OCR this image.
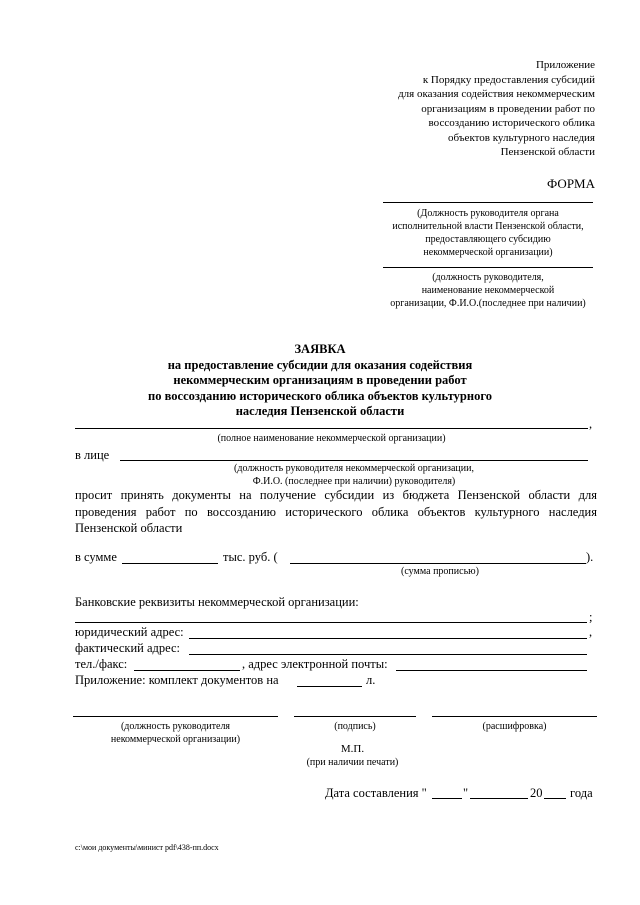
Приложение
к Порядку предоставления субсидий
для оказания содействия некоммерческим
организациям в проведении работ по
воссозданию исторического облика
объектов культурного наследия
Пензенской области
ФОРМА
(Должность руководителя органа
исполнительной власти Пензенской области,
предоставляющего субсидию
некоммерческой организации)
(должность руководителя,
наименование некоммерческой
организации, Ф.И.О.(последнее при наличии)
ЗАЯВКА
на предоставление субсидии для оказания содействия
некоммерческим организациям в проведении работ
по воссозданию исторического облика объектов культурного
наследия Пензенской области
,
(полное наименование некоммерческой организации)
в лице
(должность руководителя некоммерческой организации,
Ф.И.О. (последнее при наличии) руководителя)
просит принять документы на получение субсидии из бюджета Пензенской области для
проведения работ по воссозданию исторического облика объектов культурного наследия
Пензенской области
в сумме	тыс. руб. (	).
(сумма прописью)
Банковские реквизиты некоммерческой организации:
;
юридический адрес:	,
фактический адрес:
тел./факс:	, адрес электронной почты:
Приложение: комплект документов на	л.
(должность руководителя
некоммерческой организации)
(подпись)	(расшифровка)
М.П.
(при наличии печати)
Дата составления "	"	20 года
c:\мои документы\минист pdf\438-пп.docx
